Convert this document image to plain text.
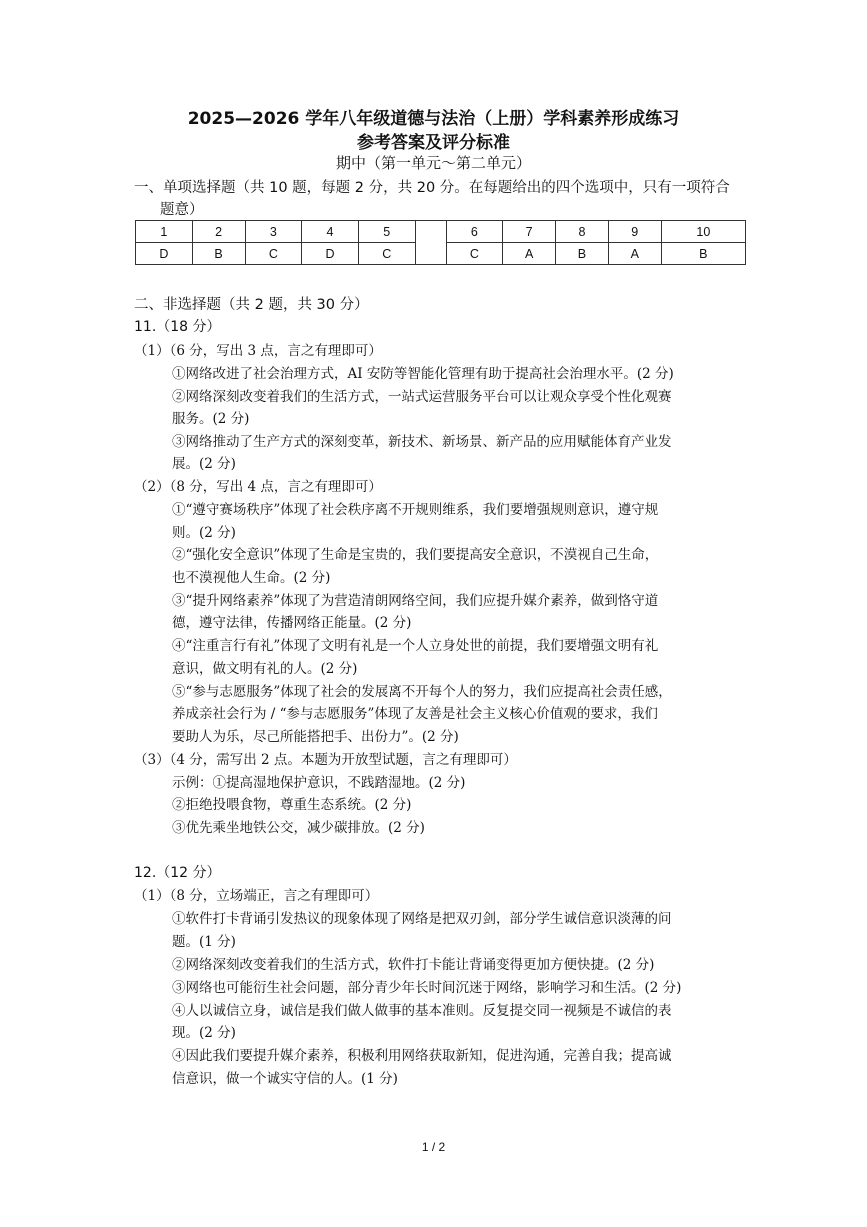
2025—2026 学年八年级道德与法治（上册）学科素养形成练习
参考答案及评分标准
期中（第一单元～第二单元）
一、单项选择题（共 10 题，每题 2 分，共 20 分。在每题给出的四个选项中，只有一项符合
题意）
1	2	3	4	5		6	7	8	9	10
D	B	C	D	C		C	A	B	A	B
二、非选择题（共 2 题，共 30 分）
11.（18 分）
（1）（6 分，写出 3 点，言之有理即可）
①网络改进了社会治理方式，AI 安防等智能化管理有助于提高社会治理水平。(2 分)
②网络深刻改变着我们的生活方式，一站式运营服务平台可以让观众享受个性化观赛
服务。(2 分)
③网络推动了生产方式的深刻变革，新技术、新场景、新产品的应用赋能体育产业发
展。(2 分)
（2）（8 分，写出 4 点，言之有理即可）
①“遵守赛场秩序”体现了社会秩序离不开规则维系，我们要增强规则意识，遵守规
则。(2 分)
②“强化安全意识”体现了生命是宝贵的，我们要提高安全意识，不漠视自己生命，
也不漠视他人生命。(2 分)
③“提升网络素养”体现了为营造清朗网络空间，我们应提升媒介素养，做到恪守道
德，遵守法律，传播网络正能量。(2 分)
④“注重言行有礼”体现了文明有礼是一个人立身处世的前提，我们要增强文明有礼
意识，做文明有礼的人。(2 分)
⑤“参与志愿服务”体现了社会的发展离不开每个人的努力，我们应提高社会责任感，
养成亲社会行为 / “参与志愿服务”体现了友善是社会主义核心价值观的要求，我们
要助人为乐，尽己所能搭把手、出份力”。(2 分)
（3）（4 分，需写出 2 点。本题为开放型试题，言之有理即可）
示例：①提高湿地保护意识，不践踏湿地。(2 分)
②拒绝投喂食物，尊重生态系统。(2 分)
③优先乘坐地铁公交，减少碳排放。(2 分)
12.（12 分）
（1）（8 分，立场端正，言之有理即可）
①软件打卡背诵引发热议的现象体现了网络是把双刃剑，部分学生诚信意识淡薄的问
题。(1 分)
②网络深刻改变着我们的生活方式，软件打卡能让背诵变得更加方便快捷。(2 分)
③网络也可能衍生社会问题，部分青少年长时间沉迷于网络，影响学习和生活。(2 分)
④人以诚信立身，诚信是我们做人做事的基本准则。反复提交同一视频是不诚信的表
现。(2 分)
④因此我们要提升媒介素养，积极利用网络获取新知，促进沟通，完善自我；提高诚
信意识，做一个诚实守信的人。(1 分)
1 / 2
